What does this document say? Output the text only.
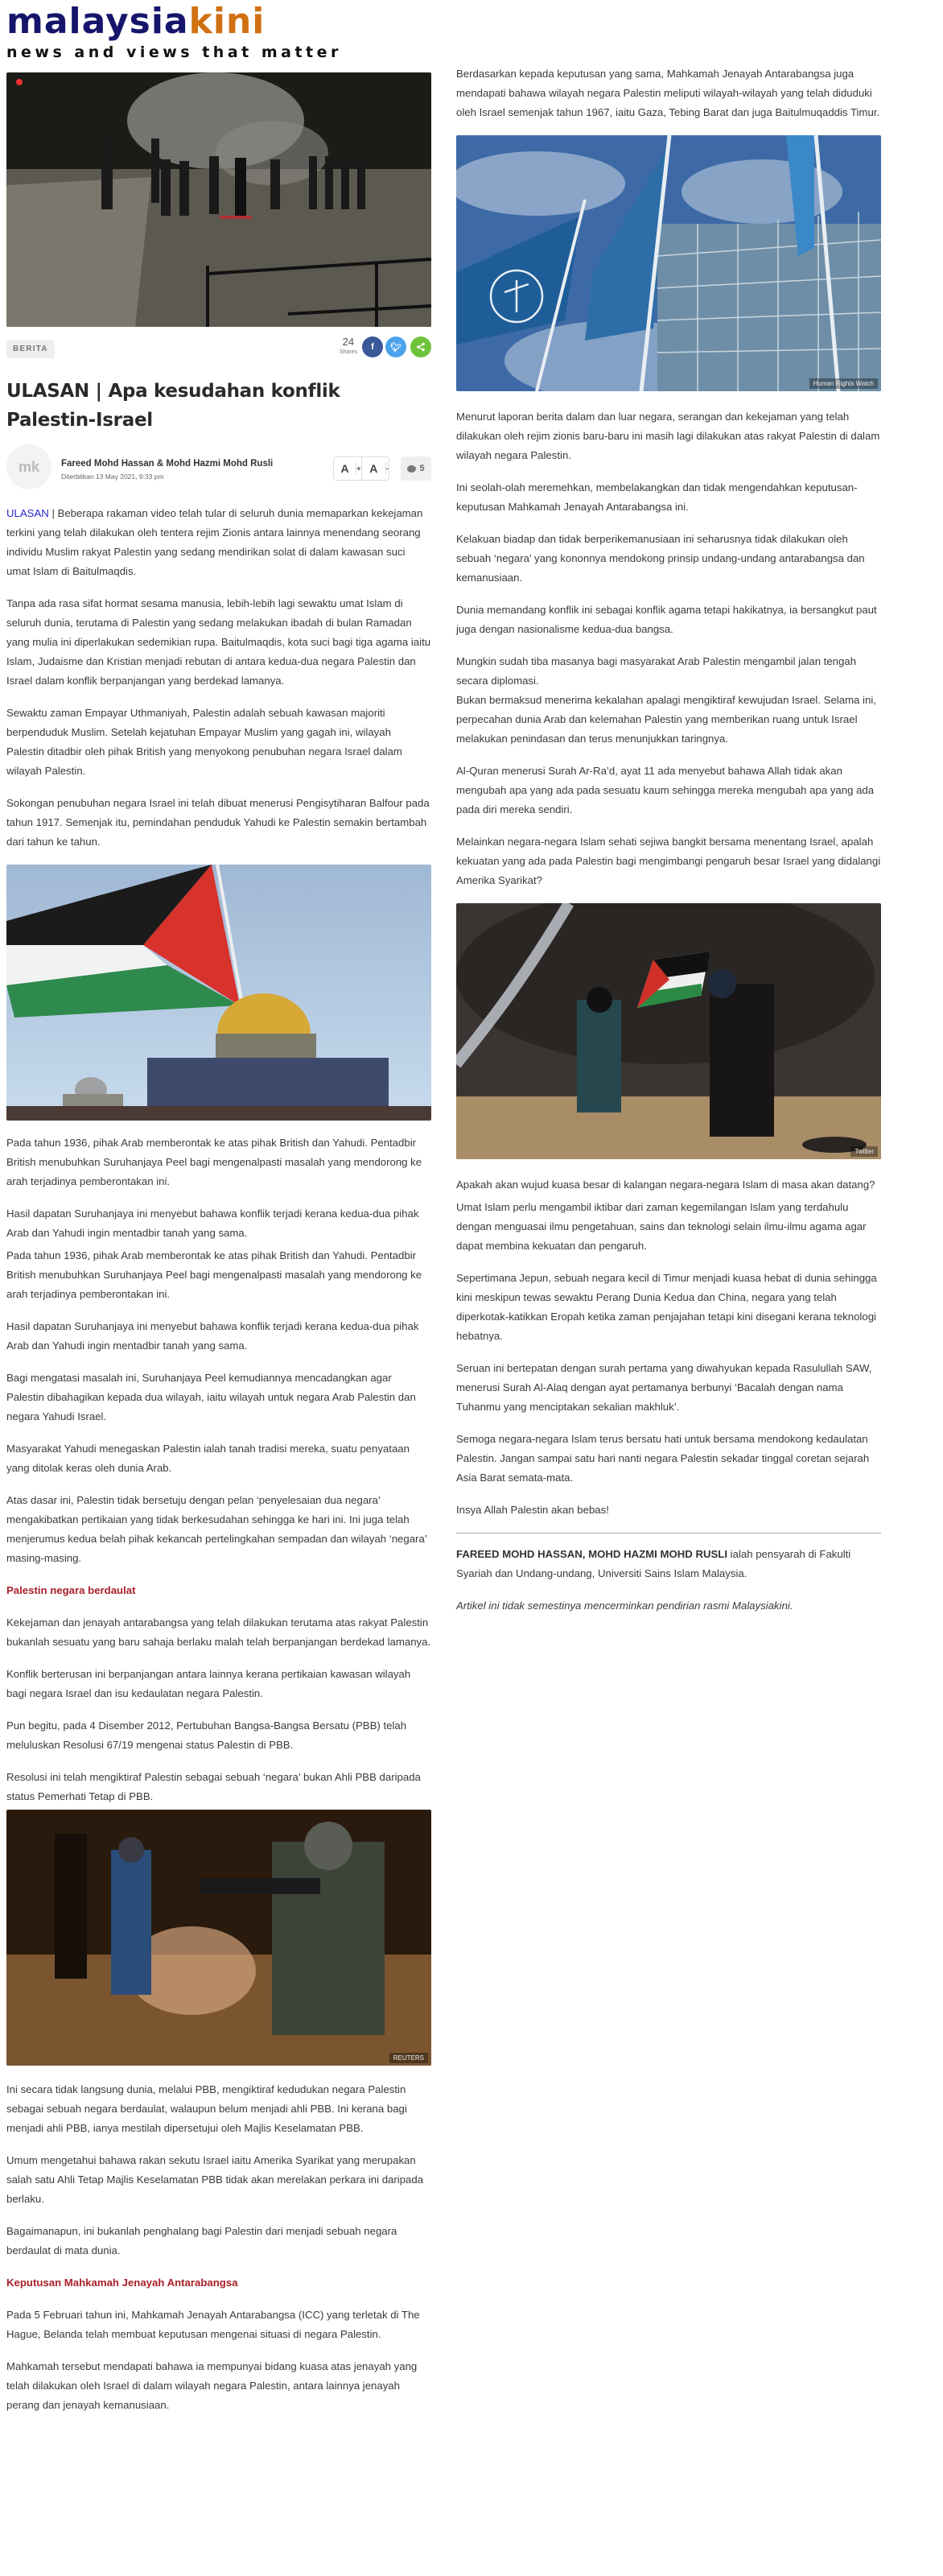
malaysiakini
news and views that matter
BERITA
24
Shares
f 🐦︎
ULASAN | Apa kesudahan konflik Palestin-Israel
mk	Fareed Mohd Hassan & Mohd Hazmi Mohd Rusli
Diterbitkan 13 May 2021, 9:33 pm
A	+ A	-	5

ULASAN | Beberapa rakaman video telah tular di seluruh dunia memaparkan kekejaman terkini yang telah dilakukan oleh tentera rejim Zionis antara lainnya menendang seorang individu Muslim rakyat Palestin yang sedang mendirikan solat di dalam kawasan suci umat Islam di Baitulmaqdis.

Tanpa ada rasa sifat hormat sesama manusia, lebih-lebih lagi sewaktu umat Islam di seluruh dunia, terutama di Palestin yang sedang melakukan ibadah di bulan Ramadan yang mulia ini diperlakukan sedemikian rupa. Baitulmaqdis, kota suci bagi tiga agama iaitu Islam, Judaisme dan Kristian menjadi rebutan di antara kedua-dua negara Palestin dan Israel dalam konflik berpanjangan yang berdekad lamanya.

Sewaktu zaman Empayar Uthmaniyah, Palestin adalah sebuah kawasan majoriti berpenduduk Muslim. Setelah kejatuhan Empayar Muslim yang gagah ini, wilayah Palestin ditadbir oleh pihak British yang menyokong penubuhan negara Israel dalam wilayah Palestin.

Sokongan penubuhan negara Israel ini telah dibuat menerusi Pengisytiharan Balfour pada tahun 1917. Semenjak itu, pemindahan penduduk Yahudi ke Palestin semakin bertambah dari tahun ke tahun.

Pada tahun 1936, pihak Arab memberontak ke atas pihak British dan Yahudi. Pentadbir British menubuhkan Suruhanjaya Peel bagi mengenalpasti masalah yang mendorong ke arah terjadinya pemberontakan ini.

Hasil dapatan Suruhanjaya ini menyebut bahawa konflik terjadi kerana kedua-dua pihak Arab dan Yahudi ingin mentadbir tanah yang sama.

Pada tahun 1936, pihak Arab memberontak ke atas pihak British dan Yahudi. Pentadbir British menubuhkan Suruhanjaya Peel bagi mengenalpasti masalah yang mendorong ke arah terjadinya pemberontakan ini.

Hasil dapatan Suruhanjaya ini menyebut bahawa konflik terjadi kerana kedua-dua pihak Arab dan Yahudi ingin mentadbir tanah yang sama.

Bagi mengatasi masalah ini, Suruhanjaya Peel kemudiannya mencadangkan agar Palestin dibahagikan kepada dua wilayah, iaitu wilayah untuk negara Arab Palestin dan negara Yahudi Israel.

Masyarakat Yahudi menegaskan Palestin ialah tanah tradisi mereka, suatu penyataan yang ditolak keras oleh dunia Arab.

Atas dasar ini, Palestin tidak bersetuju dengan pelan ‘penyelesaian dua negara’ mengakibatkan pertikaian yang tidak berkesudahan sehingga ke hari ini. Ini juga telah menjerumus kedua belah pihak kekancah pertelingkahan sempadan dan wilayah ‘negara’ masing-masing.

Palestin negara berdaulat

Kekejaman dan jenayah antarabangsa yang telah dilakukan terutama atas rakyat Palestin bukanlah sesuatu yang baru sahaja berlaku malah telah berpanjangan berdekad lamanya.

Konflik berterusan ini berpanjangan antara lainnya kerana pertikaian kawasan wilayah bagi negara Israel dan isu kedaulatan negara Palestin.

Pun begitu, pada 4 Disember 2012, Pertubuhan Bangsa-Bangsa Bersatu (PBB) telah meluluskan Resolusi 67/19 mengenai status Palestin di PBB.

Resolusi ini telah mengiktiraf Palestin sebagai sebuah ‘negara’ bukan Ahli PBB daripada status Pemerhati Tetap di PBB.

REUTERS

Ini secara tidak langsung dunia, melalui PBB, mengiktiraf kedudukan negara Palestin sebagai sebuah negara berdaulat, walaupun belum menjadi ahli PBB. Ini kerana bagi menjadi ahli PBB, ianya mestilah dipersetujui oleh Majlis Keselamatan PBB.

Umum mengetahui bahawa rakan sekutu Israel iaitu Amerika Syarikat yang merupakan salah satu Ahli Tetap Majlis Keselamatan PBB tidak akan merelakan perkara ini daripada berlaku.

Bagaimanapun, ini bukanlah penghalang bagi Palestin dari menjadi sebuah negara berdaulat di mata dunia.

Keputusan Mahkamah Jenayah Antarabangsa

Pada 5 Februari tahun ini, Mahkamah Jenayah Antarabangsa (ICC) yang terletak di The Hague, Belanda telah membuat keputusan mengenai situasi di negara Palestin.

Mahkamah tersebut mendapati bahawa ia mempunyai bidang kuasa atas jenayah yang telah dilakukan oleh Israel di dalam wilayah negara Palestin, antara lainnya jenayah perang dan jenayah kemanusiaan.

Berdasarkan kepada keputusan yang sama, Mahkamah Jenayah Antarabangsa juga mendapati bahawa wilayah negara Palestin meliputi wilayah-wilayah yang telah diduduki oleh Israel semenjak tahun 1967, iaitu Gaza, Tebing Barat dan juga Baitulmuqaddis Timur.

Human Rights Watch

Menurut laporan berita dalam dan luar negara, serangan dan kekejaman yang telah dilakukan oleh rejim zionis baru-baru ini masih lagi dilakukan atas rakyat Palestin di dalam wilayah negara Palestin.

Ini seolah-olah meremehkan, membelakangkan dan tidak mengendahkan keputusan-keputusan Mahkamah Jenayah Antarabangsa ini.

Kelakuan biadap dan tidak berperikemanusiaan ini seharusnya tidak dilakukan oleh sebuah ‘negara’ yang kononnya mendokong prinsip undang-undang antarabangsa dan kemanusiaan.

Dunia memandang konflik ini sebagai konflik agama tetapi hakikatnya, ia bersangkut paut juga dengan nasionalisme kedua-dua bangsa.

Mungkin sudah tiba masanya bagi masyarakat Arab Palestin mengambil jalan tengah secara diplomasi.

Bukan bermaksud menerima kekalahan apalagi mengiktiraf kewujudan Israel. Selama ini, perpecahan dunia Arab dan kelemahan Palestin yang memberikan ruang untuk Israel melakukan penindasan dan terus menunjukkan taringnya.

Al-Quran menerusi Surah Ar-Ra’d, ayat 11 ada menyebut bahawa Allah tidak akan mengubah apa yang ada pada sesuatu kaum sehingga mereka mengubah apa yang ada pada diri mereka sendiri.

Melainkan negara-negara Islam sehati sejiwa bangkit bersama menentang Israel, apalah kekuatan yang ada pada Palestin bagi mengimbangi pengaruh besar Israel yang didalangi Amerika Syarikat?

Twitter

Apakah akan wujud kuasa besar di kalangan negara-negara Islam di masa akan datang?

Umat Islam perlu mengambil iktibar dari zaman kegemilangan Islam yang terdahulu dengan menguasai ilmu pengetahuan, sains dan teknologi selain ilmu-ilmu agama agar dapat membina kekuatan dan pengaruh.

Sepertimana Jepun, sebuah negara kecil di Timur menjadi kuasa hebat di dunia sehingga kini meskipun tewas sewaktu Perang Dunia Kedua dan China, negara yang telah diperkotak-katikkan Eropah ketika zaman penjajahan tetapi kini disegani kerana teknologi hebatnya.

Seruan ini bertepatan dengan surah pertama yang diwahyukan kepada Rasulullah SAW, menerusi Surah Al-Alaq dengan ayat pertamanya berbunyi ‘Bacalah dengan nama Tuhanmu yang menciptakan sekalian makhluk’.

Semoga negara-negara Islam terus bersatu hati untuk bersama mendokong kedaulatan Palestin. Jangan sampai satu hari nanti negara Palestin sekadar tinggal coretan sejarah Asia Barat semata-mata.

Insya Allah Palestin akan bebas!

FAREED MOHD HASSAN, MOHD HAZMI MOHD RUSLI ialah pensyarah di Fakulti Syariah dan Undang-undang, Universiti Sains Islam Malaysia.

Artikel ini tidak semestinya mencerminkan pendirian rasmi Malaysiakini.
